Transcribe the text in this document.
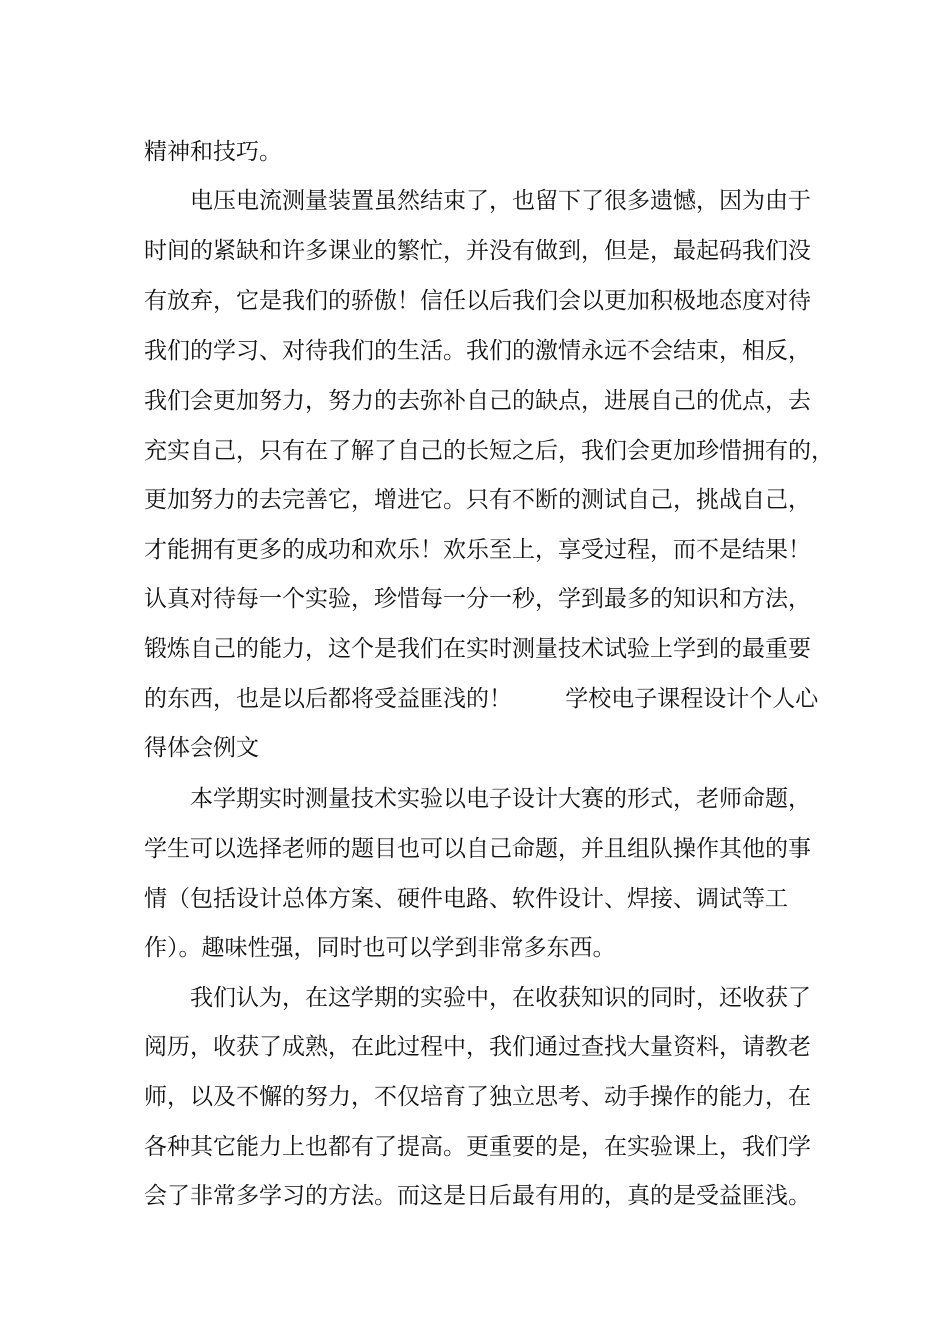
精神和技巧。

电压电流测量装置虽然结束了，也留下了很多遗憾，因为由于

时间的紧缺和许多课业的繁忙，并没有做到，但是，最起码我们没

有放弃，它是我们的骄傲！信任以后我们会以更加积极地态度对待

我们的学习、对待我们的生活。我们的激情永远不会结束，相反，

我们会更加努力，努力的去弥补自己的缺点，进展自己的优点，去

充实自己，只有在了解了自己的长短之后，我们会更加珍惜拥有的，

更加努力的去完善它，增进它。只有不断的测试自己，挑战自己，

才能拥有更多的成功和欢乐！欢乐至上，享受过程，而不是结果！

认真对待每一个实验，珍惜每一分一秒，学到最多的知识和方法，

锻炼自己的能力，这个是我们在实时测量技术试验上学到的最重要

的东西，也是以后都将受益匪浅的！　　 学校电子课程设计个人心

得体会例文

本学期实时测量技术实验以电子设计大赛的形式，老师命题，

学生可以选择老师的题目也可以自己命题，并且组队操作其他的事

情（包括设计总体方案、硬件电路、软件设计、焊接、调试等工

作）。趣味性强，同时也可以学到非常多东西。

我们认为，在这学期的实验中，在收获知识的同时，还收获了

阅历，收获了成熟，在此过程中，我们通过查找大量资料，请教老

师，以及不懈的努力，不仅培育了独立思考、动手操作的能力，在

各种其它能力上也都有了提高。更重要的是，在实验课上，我们学

会了非常多学习的方法。而这是日后最有用的，真的是受益匪浅。
